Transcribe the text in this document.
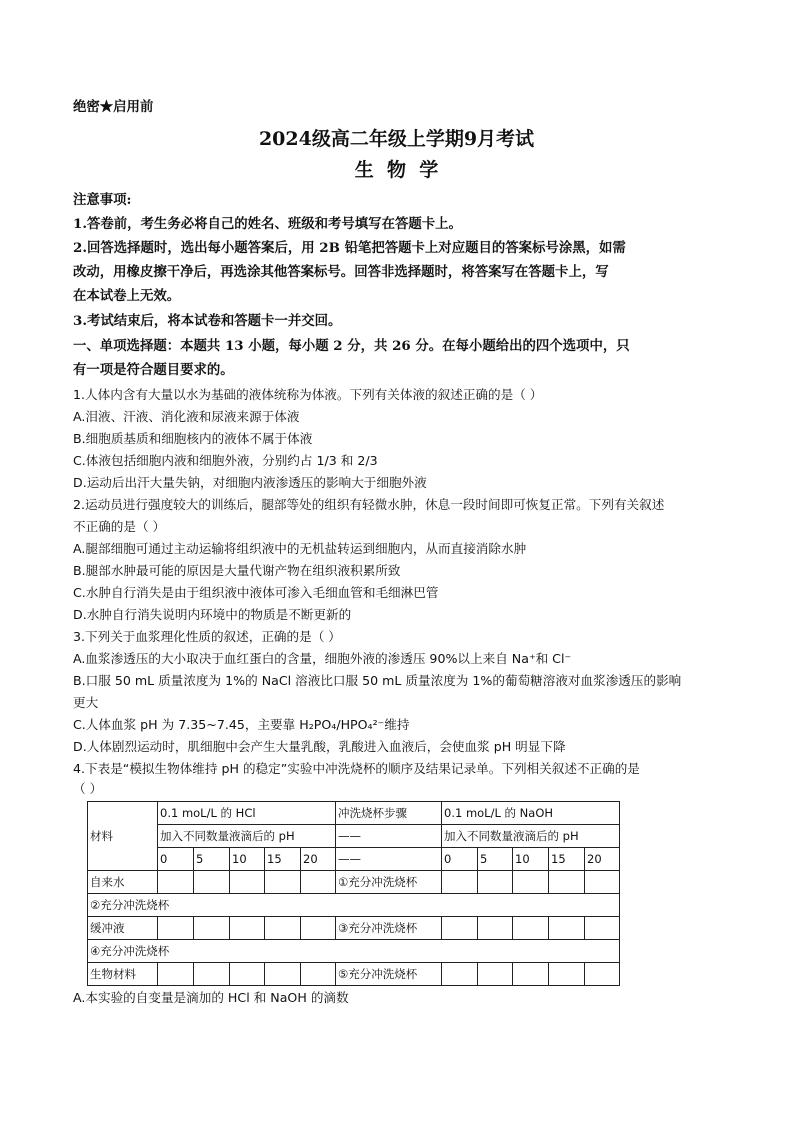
绝密★启用前
2024级高二年级上学期9月考试
生  物  学
注意事项:
1.答卷前，考生务必将自己的姓名、班级和考号填写在答题卡上。
2.回答选择题时，选出每小题答案后，用 2B 铅笔把答题卡上对应题目的答案标号涂黑，如需
改动，用橡皮擦干净后，再选涂其他答案标号。回答非选择题时，将答案写在答题卡上，写
在本试卷上无效。
3.考试结束后，将本试卷和答题卡一并交回。
一、单项选择题：本题共 13 小题，每小题 2 分，共 26 分。在每小题给出的四个选项中，只
有一项是符合题目要求的。
1.人体内含有大量以水为基础的液体统称为体液。下列有关体液的叙述正确的是（ ）
A.泪液、汗液、消化液和尿液来源于体液
B.细胞质基质和细胞核内的液体不属于体液
C.体液包括细胞内液和细胞外液，分别约占 1/3 和 2/3
D.运动后出汗大量失钠，对细胞内液渗透压的影响大于细胞外液
2.运动员进行强度较大的训练后，腿部等处的组织有轻微水肿，休息一段时间即可恢复正常。下列有关叙述
不正确的是（ ）
A.腿部细胞可通过主动运输将组织液中的无机盐转运到细胞内，从而直接消除水肿
B.腿部水肿最可能的原因是大量代谢产物在组织液积累所致
C.水肿自行消失是由于组织液中液体可渗入毛细血管和毛细淋巴管
D.水肿自行消失说明内环境中的物质是不断更新的
3.下列关于血浆理化性质的叙述，正确的是（ ）
A.血浆渗透压的大小取决于血红蛋白的含量，细胞外液的渗透压 90%以上来自 Na⁺和 Cl⁻
B.口服 50 mL 质量浓度为 1%的 NaCl 溶液比口服 50 mL 质量浓度为 1%的葡萄糖溶液对血浆渗透压的影响
更大
C.人体血浆 pH 为 7.35~7.45，主要靠 H₂PO₄/HPO₄²⁻维持
D.人体剧烈运动时，肌细胞中会产生大量乳酸，乳酸进入血液后，会使血浆 pH 明显下降
4.下表是“模拟生物体维持 pH 的稳定”实验中冲洗烧杯的顺序及结果记录单。下列相关叙述不正确的是
（ ）
材料	0.1 moL/L 的 HCl					冲洗烧杯步骤	0.1 moL/L 的 NaOH				
	加入不同数量液滴后的 pH					——	加入不同数量液滴后的 pH				
	0	5	10	15	20	——	0	5	10	15	20
自来水						①充分冲洗烧杯					
②充分冲洗烧杯											
缓冲液						③充分冲洗烧杯					
④充分冲洗烧杯											
生物材料						⑤充分冲洗烧杯					
A.本实验的自变量是滴加的 HCl 和 NaOH 的滴数
